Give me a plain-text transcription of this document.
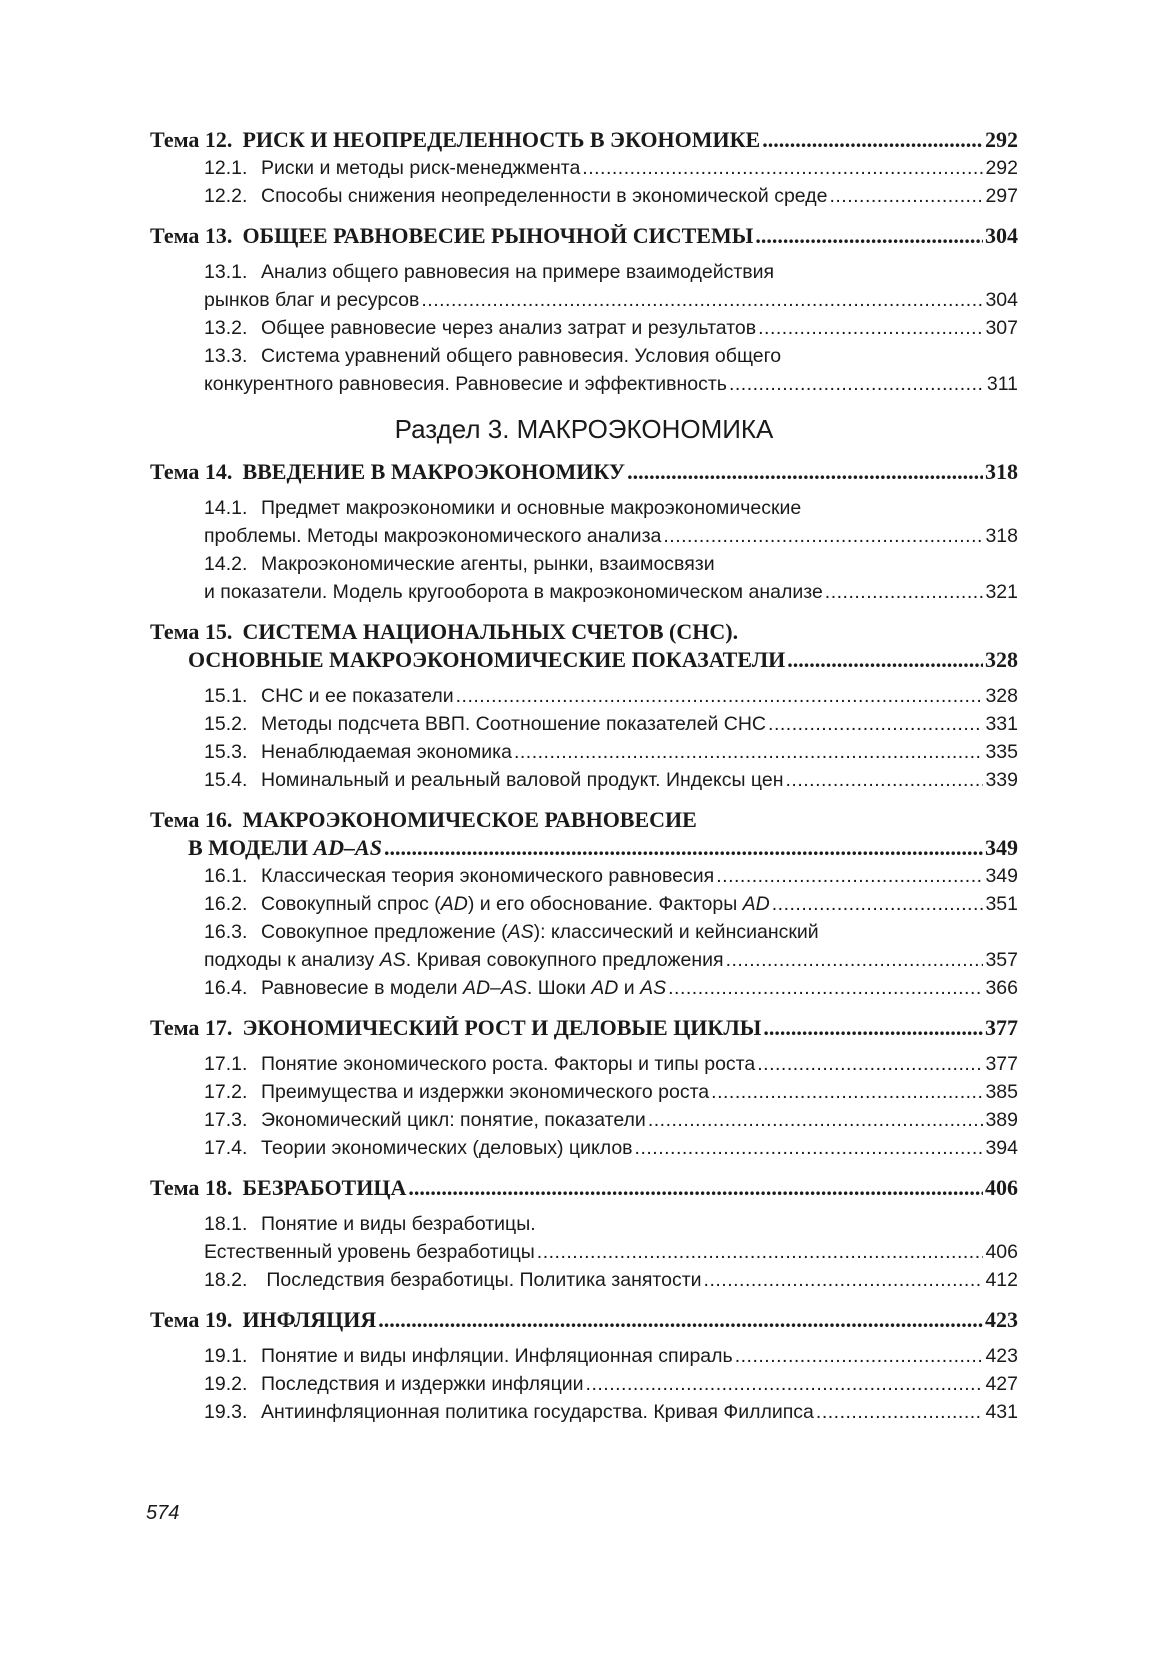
Тема 12. РИСК И НЕОПРЕДЕЛЕННОСТЬ В ЭКОНОМИКЕ .....	292
12.1. Риски и методы риск-менеджмента .....	292
12.2. Способы снижения неопределенности в экономической среде .....	297
Тема 13. ОБЩЕЕ РАВНОВЕСИЕ РЫНОЧНОЙ СИСТЕМЫ .....	304
13.1. Анализ общего равновесия на примере взаимодействия
рынков благ и ресурсов .....	304
13.2. Общее равновесие через анализ затрат и результатов .....	307
13.3. Система уравнений общего равновесия. Условия общего
конкурентного равновесия. Равновесие и эффективность .....	311
Раздел 3. МАКРОЭКОНОМИКА
Тема 14. ВВЕДЕНИЕ В МАКРОЭКОНОМИКУ .....	318
14.1. Предмет макроэкономики и основные макроэкономические
проблемы. Методы макроэкономического анализа .....	318
14.2. Макроэкономические агенты, рынки, взаимосвязи
и показатели. Модель кругооборота в макроэкономическом анализе .....	321
Тема 15. СИСТЕМА НАЦИОНАЛЬНЫХ СЧЕТОВ (СНС).
ОСНОВНЫЕ МАКРОЭКОНОМИЧЕСКИЕ ПОКАЗАТЕЛИ .....	328
15.1. СНС и ее показатели .....	328
15.2. Методы подсчета ВВП. Соотношение показателей СНС .....	331
15.3. Ненаблюдаемая экономика .....	335
15.4. Номинальный и реальный валовой продукт. Индексы цен .....	339
Тема 16. МАКРОЭКОНОМИЧЕСКОЕ РАВНОВЕСИЕ
В МОДЕЛИ AD–AS .....	349
16.1. Классическая теория экономического равновесия .....	349
16.2. Совокупный спрос (AD) и его обоснование. Факторы AD .....	351
16.3. Совокупное предложение (AS): классический и кейнсианский
подходы к анализу AS. Кривая совокупного предложения .....	357
16.4. Равновесие в модели AD–AS. Шоки AD и AS .....	366
Тема 17. ЭКОНОМИЧЕСКИЙ РОСТ И ДЕЛОВЫЕ ЦИКЛЫ .....	377
17.1. Понятие экономического роста. Факторы и типы роста .....	377
17.2. Преимущества и издержки экономического роста .....	385
17.3. Экономический цикл: понятие, показатели .....	389
17.4. Теории экономических (деловых) циклов .....	394
Тема 18. БЕЗРАБОТИЦА .....	406
18.1. Понятие и виды безработицы.
Естественный уровень безработицы .....	406
18.2. Последствия безработицы. Политика занятости .....	412
Тема 19. ИНФЛЯЦИЯ .....	423
19.1. Понятие и виды инфляции. Инфляционная спираль .....	423
19.2. Последствия и издержки инфляции .....	427
19.3. Антиинфляционная политика государства. Кривая Филлипса .....	431
574
